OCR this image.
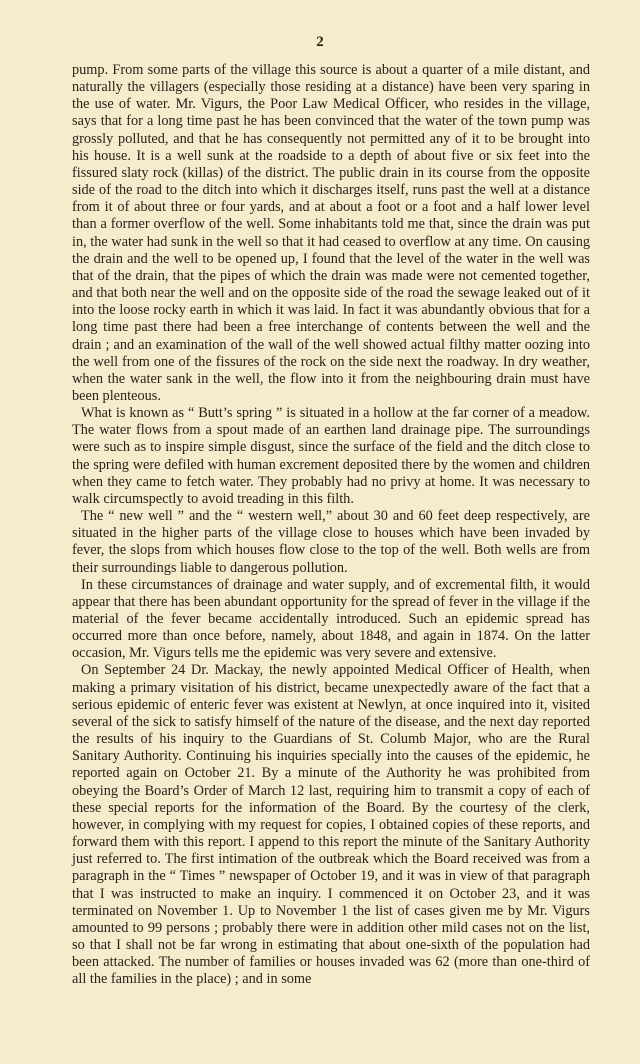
2

pump. From some parts of the village this source is about a quarter of a mile distant, and naturally the villagers (especially those residing at a distance) have been very sparing in the use of water. Mr. Vigurs, the Poor Law Medical Officer, who resides in the village, says that for a long time past he has been convinced that the water of the town pump was grossly polluted, and that he has consequently not permitted any of it to be brought into his house. It is a well sunk at the roadside to a depth of about five or six feet into the fissured slaty rock (killas) of the district. The public drain in its course from the opposite side of the road to the ditch into which it discharges itself, runs past the well at a distance from it of about three or four yards, and at about a foot or a foot and a half lower level than a former overflow of the well. Some inhabitants told me that, since the drain was put in, the water had sunk in the well so that it had ceased to overflow at any time. On causing the drain and the well to be opened up, I found that the level of the water in the well was that of the drain, that the pipes of which the drain was made were not cemented together, and that both near the well and on the opposite side of the road the sewage leaked out of it into the loose rocky earth in which it was laid. In fact it was abundantly obvious that for a long time past there had been a free interchange of contents between the well and the drain ; and an examination of the wall of the well showed actual filthy matter oozing into the well from one of the fissures of the rock on the side next the roadway. In dry weather, when the water sank in the well, the flow into it from the neighbouring drain must have been plenteous.

What is known as “ Butt’s spring ” is situated in a hollow at the far corner of a meadow. The water flows from a spout made of an earthen land drainage pipe. The surroundings were such as to inspire simple disgust, since the surface of the field and the ditch close to the spring were defiled with human excrement deposited there by the women and children when they came to fetch water. They probably had no privy at home. It was necessary to walk circumspectly to avoid treading in this filth.

The “ new well ” and the “ western well,” about 30 and 60 feet deep respectively, are situated in the higher parts of the village close to houses which have been invaded by fever, the slops from which houses flow close to the top of the well. Both wells are from their surroundings liable to dangerous pollution.

In these circumstances of drainage and water supply, and of excremental filth, it would appear that there has been abundant opportunity for the spread of fever in the village if the material of the fever became accidentally introduced. Such an epidemic spread has occurred more than once before, namely, about 1848, and again in 1874. On the latter occasion, Mr. Vigurs tells me the epidemic was very severe and extensive.

On September 24 Dr. Mackay, the newly appointed Medical Officer of Health, when making a primary visitation of his district, became unexpectedly aware of the fact that a serious epidemic of enteric fever was existent at Newlyn, at once inquired into it, visited several of the sick to satisfy himself of the nature of the disease, and the next day reported the results of his inquiry to the Guardians of St. Columb Major, who are the Rural Sanitary Authority. Continuing his inquiries specially into the causes of the epidemic, he reported again on October 21. By a minute of the Authority he was prohibited from obeying the Board’s Order of March 12 last, requiring him to transmit a copy of each of these special reports for the information of the Board. By the courtesy of the clerk, however, in complying with my request for copies, I obtained copies of these reports, and forward them with this report. I append to this report the minute of the Sanitary Authority just referred to. The first intimation of the outbreak which the Board received was from a paragraph in the “ Times ” newspaper of October 19, and it was in view of that paragraph that I was instructed to make an inquiry. I commenced it on October 23, and it was terminated on November 1. Up to November 1 the list of cases given me by Mr. Vigurs amounted to 99 persons ; probably there were in addition other mild cases not on the list, so that I shall not be far wrong in estimating that about one-sixth of the population had been attacked. The number of families or houses invaded was 62 (more than one-third of all the families in the place) ; and in some
